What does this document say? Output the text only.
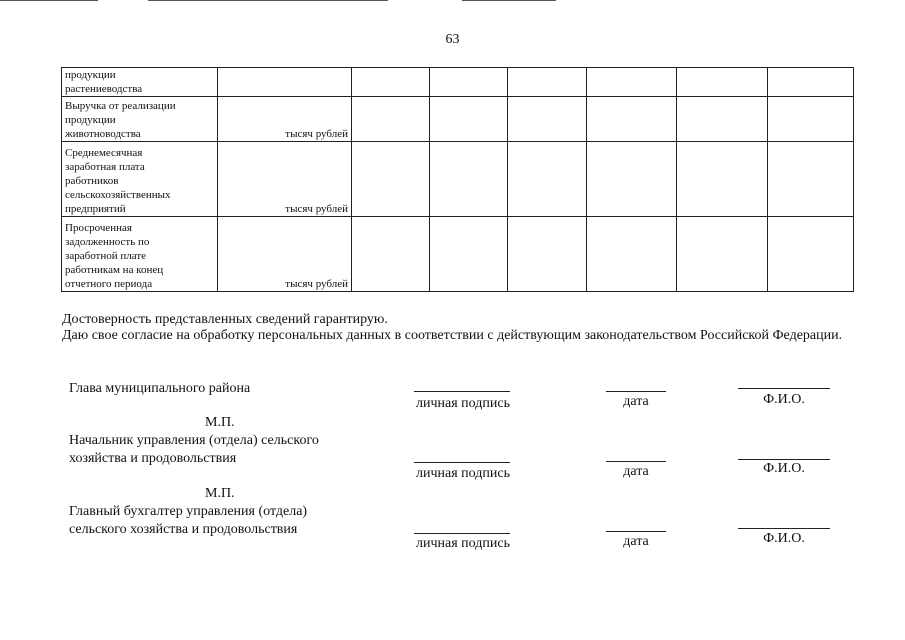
63
продукции
растениеводства							
Выручка от реализации
продукции
животноводства	тысяч рублей						
Среднемесячная
заработная плата
работников
сельскохозяйственных
предприятий	тысяч рублей						
Просроченная
задолженность по
заработной плате
работникам на конец
отчетного периода	тысяч рублей						
Достоверность представленных сведений гарантирую.
Даю свое согласие на обработку персональных данных в соответствии с действующим законодательством Российской Федерации.
Глава муниципального района
личная подпись	дата	Ф.И.О.
М.П.
Начальник управления (отдела) сельского
хозяйства и продовольствия
личная подпись	дата	Ф.И.О.
М.П.
Главный бухгалтер управления (отдела)
сельского хозяйства и продовольствия
личная подпись	дата	Ф.И.О.
